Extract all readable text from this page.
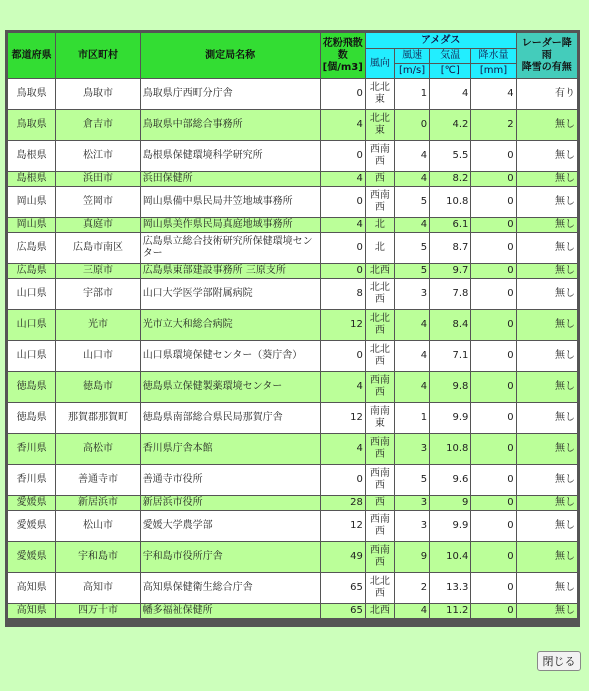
都道府県	市区町村	測定局名称	花粉飛散数
[個/m3]	アメダス				レーダー降雨
降雪の有無
				風向	風速	気温	降水量	
					[m/s]	[℃]	[mm]	
鳥取県	鳥取市	鳥取県庁西町分庁舎	0	北北東	1	4	4	有り
鳥取県	倉吉市	鳥取県中部総合事務所	4	北北東	0	4.2	2	無し
島根県	松江市	島根県保健環境科学研究所	0	西南西	4	5.5	0	無し
島根県	浜田市	浜田保健所	4	西	4	8.2	0	無し
岡山県	笠岡市	岡山県備中県民局井笠地域事務所	0	西南西	5	10.8	0	無し
岡山県	真庭市	岡山県美作県民局真庭地域事務所	4	北	4	6.1	0	無し
広島県	広島市南区	広島県立総合技術研究所保健環境センター	0	北	5	8.7	0	無し
広島県	三原市	広島県東部建設事務所 三原支所	0	北西	5	9.7	0	無し
山口県	宇部市	山口大学医学部附属病院	8	北北西	3	7.8	0	無し
山口県	光市	光市立大和総合病院	12	北北西	4	8.4	0	無し
山口県	山口市	山口県環境保健センター（葵庁舎）	0	北北西	4	7.1	0	無し
徳島県	徳島市	徳島県立保健製薬環境センター	4	西南西	4	9.8	0	無し
徳島県	那賀郡那賀町	徳島県南部総合県民局那賀庁舎	12	南南東	1	9.9	0	無し
香川県	高松市	香川県庁舎本館	4	西南西	3	10.8	0	無し
香川県	善通寺市	善通寺市役所	0	西南西	5	9.6	0	無し
愛媛県	新居浜市	新居浜市役所	28	西	3	9	0	無し
愛媛県	松山市	愛媛大学農学部	12	西南西	3	9.9	0	無し
愛媛県	宇和島市	宇和島市役所庁舎	49	西南西	9	10.4	0	無し
高知県	高知市	高知県保健衛生総合庁舎	65	北北西	2	13.3	0	無し
高知県	四万十市	幡多福祉保健所	65	北西	4	11.2	0	無し
閉じる
